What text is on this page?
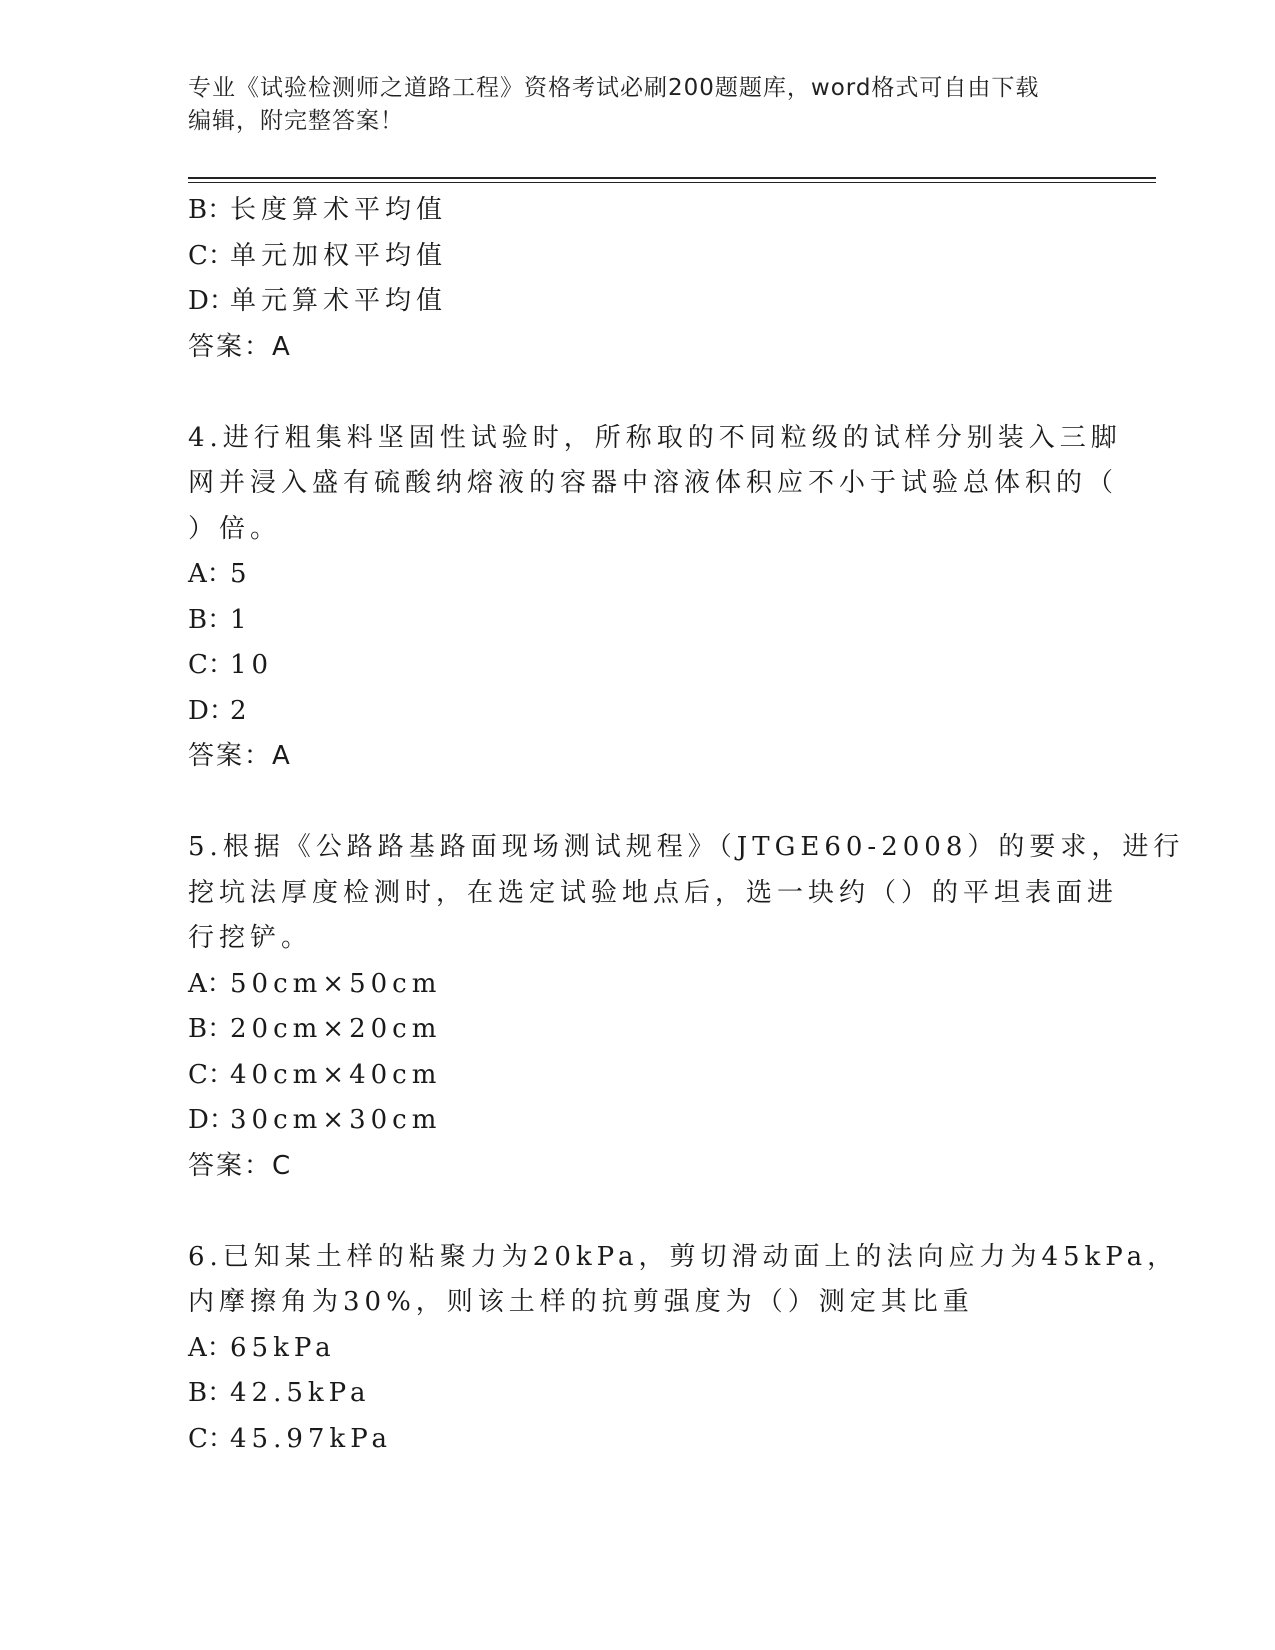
专业《试验检测师之道路工程》资格考试必刷200题题库，word格式可自由下载
编辑，附完整答案！
B：
长度算术平均值
C：
单元加权平均值
D：
单元算术平均值
答案：A
4.进行粗集料坚固性试验时，所称取的不同粒级的试样分别装入三脚
网并浸入盛有硫酸纳熔液的容器中溶液体积应不小于试验总体积的（
）倍。
A：
5
B：
1
C：
10
D：
2
答案：A
5.根据《公路路基路面现场测试规程》（JTGE60-2008）的要求，进行
挖坑法厚度检测时，在选定试验地点后，选一块约（）的平坦表面进
行挖铲。
A：
50cm×50cm
B：
20cm×20cm
C：
40cm×40cm
D：
30cm×30cm
答案：C
6.已知某土样的粘聚力为20kPa，剪切滑动面上的法向应力为45kPa，
内摩擦角为30%，则该土样的抗剪强度为（）测定其比重
A：
65kPa
B：
42.5kPa
C：
45.97kPa
